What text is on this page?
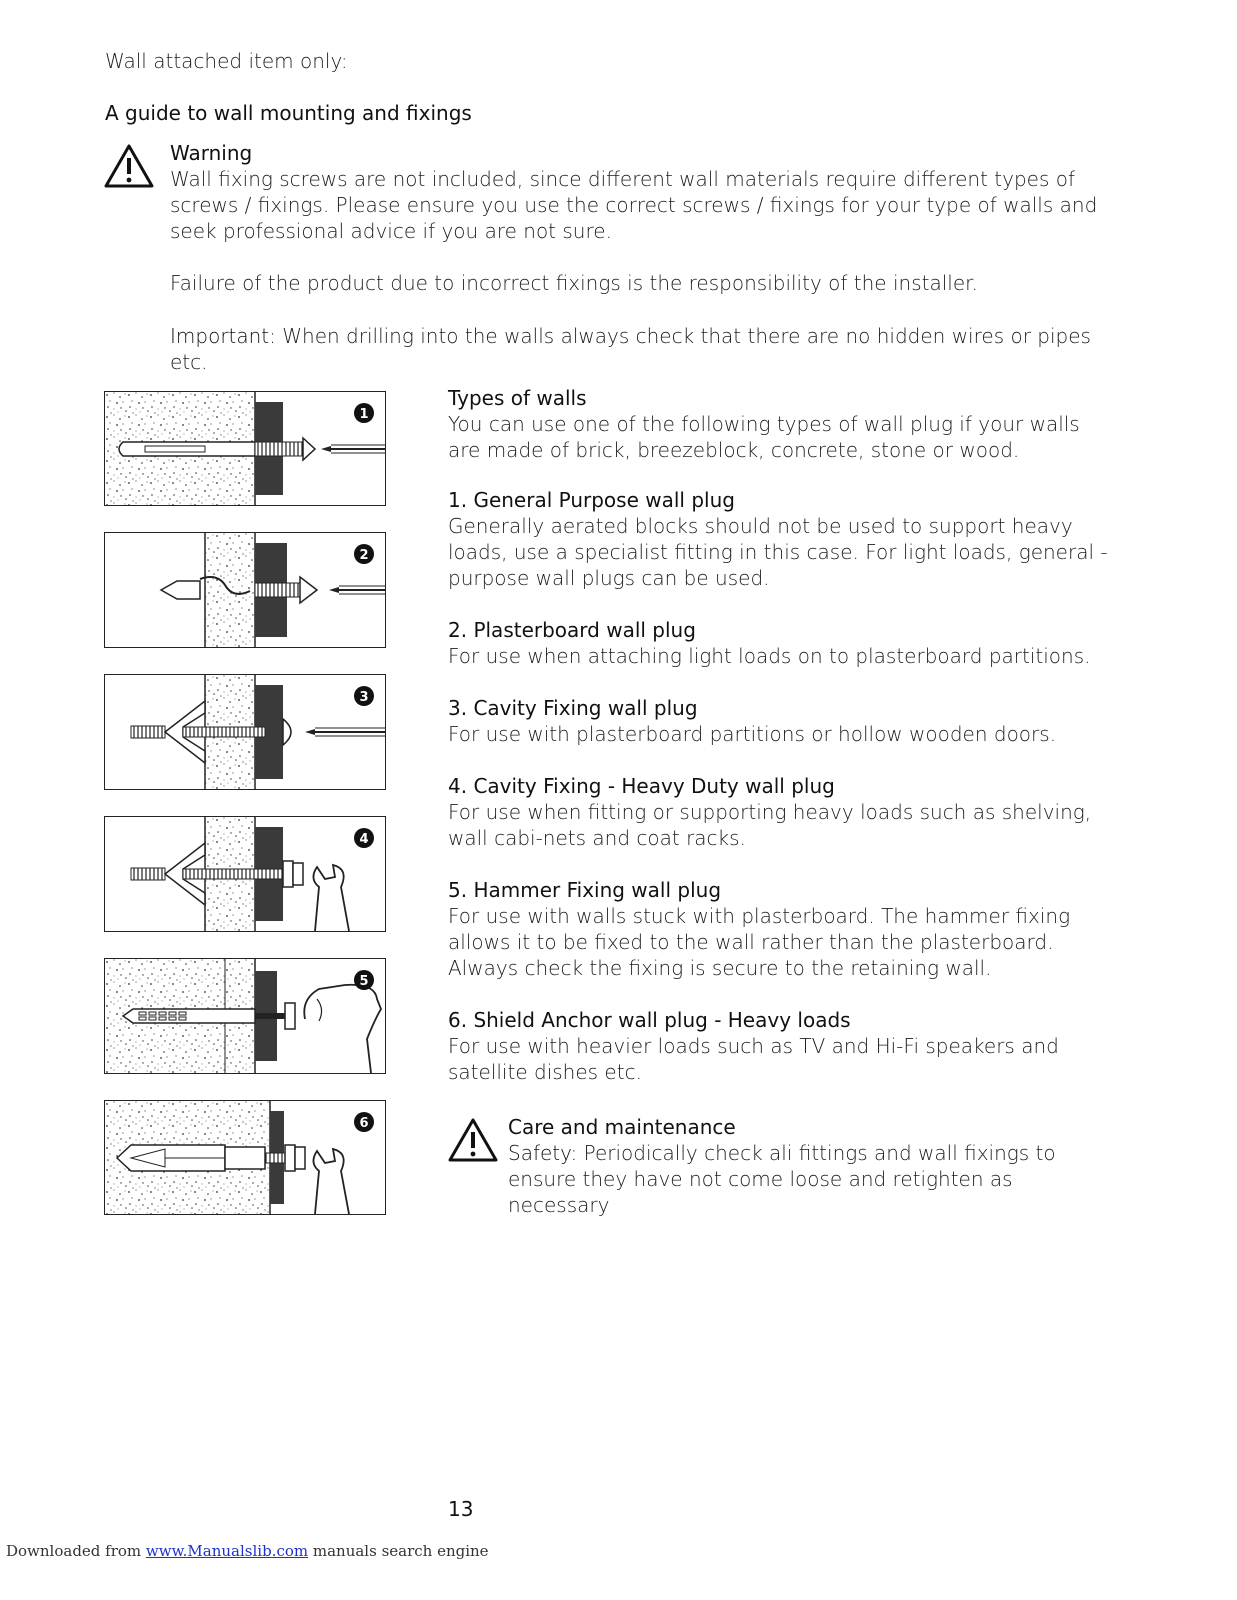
Wall attached item only:
A guide to wall mounting and fixings
Warning
Wall fixing screws are not included, since different wall materials require different types of screws / fixings. Please ensure you use the correct screws / fixings for your type of walls and seek professional advice if you are not sure.
Failure of the product due to incorrect fixings is the responsibility of the installer.
Important: When drilling into the walls always check that there are no hidden wires or pipes etc.
1
2
3
4
5
6
Types of walls
You can use one of the following types of wall plug if your walls are made of brick, breezeblock, concrete, stone or wood.
1. General Purpose wall plug
Generally aerated blocks should not be used to support heavy loads, use a specialist fitting in this case. For light loads, general - purpose wall plugs can be used.
2. Plasterboard wall plug
For use when attaching light loads on to plasterboard partitions.
3. Cavity Fixing wall plug
For use with plasterboard partitions or hollow wooden doors.
4. Cavity Fixing - Heavy Duty wall plug
For use when fitting or supporting heavy loads such as shelving, wall cabi-nets and coat racks.
5. Hammer Fixing wall plug
For use with walls stuck with plasterboard. The hammer fixing allows it to be fixed to the wall rather than the plasterboard. Always check the fixing is secure to the retaining wall.
6. Shield Anchor wall plug - Heavy loads
For use with heavier loads such as TV and Hi-Fi speakers and satellite dishes etc.
Care and maintenance
Safety: Periodically check ali fittings and wall fixings to ensure they have not come loose and retighten as necessary
13
Downloaded from www.Manualslib.com manuals search engine
